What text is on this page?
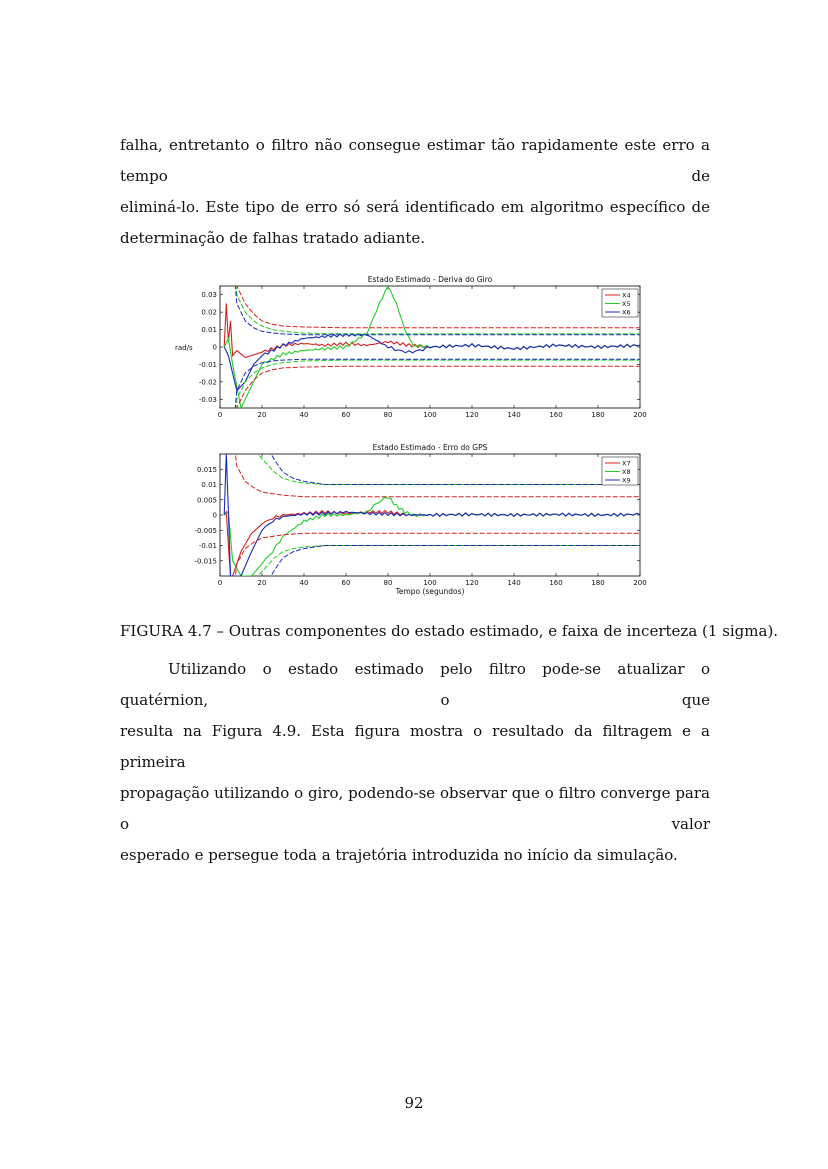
falha, entretanto o filtro não consegue estimar tão rapidamente este erro a tempo de
eliminá-lo. Este tipo de erro só será identificado em algoritmo específico de
determinação de falhas tratado adiante.
Estado Estimado - Deriva do Giro
0	20	40	60	80	100	120	140	160	180	200
0.03
0.02
0.01
0
-0.01
-0.02
-0.03
rad/s
X4
X5
X6
Estado Estimado - Erro do GPS
0	20	40	60	80	100	120	140	160	180	200
0.015
0.01
0.005
0
-0.005
-0.01
-0.015
Tempo (segundos)
X7
X8
X9
FIGURA 4.7 – Outras componentes do estado estimado, e faixa de incerteza (1 sigma).
Utilizando o estado estimado pelo filtro pode-se atualizar o quatérnion, o que
resulta na Figura 4.9. Esta figura mostra o resultado da filtragem e a primeira
propagação utilizando o giro, podendo-se observar que o filtro converge para o valor
esperado e persegue toda a trajetória introduzida no início da simulação.
92
